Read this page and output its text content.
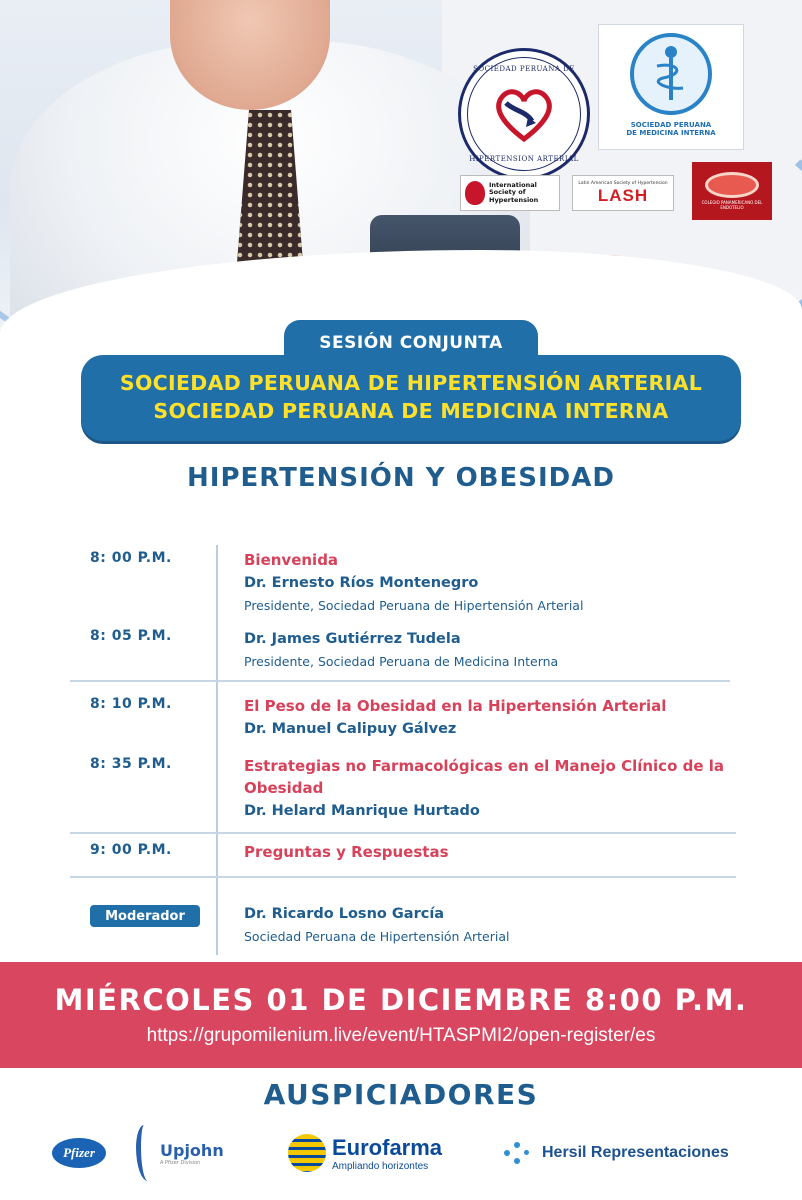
SOCIEDAD PERUANA DE
HIPERTENSION ARTERIAL
SOCIEDAD PERUANA
DE MEDICINA INTERNA
International
Society of
Hypertension
Latin American Society of Hypertension
LASH	COLEGIO PANAMERICANO DEL ENDOTELIO
SOCIEDAD PERUANA DE HIPERTENSIÓN ARTERIAL
SOCIEDAD PERUANA DE MEDICINA INTERNA
SESIÓN CONJUNTA
HIPERTENSIÓN Y OBESIDAD
8: 00 P.M.	Bienvenida
Dr. Ernesto Ríos Montenegro
Presidente, Sociedad Peruana de Hipertensión Arterial
8: 05 P.M.	Dr. James Gutiérrez Tudela
Presidente, Sociedad Peruana de Medicina Interna
8: 10 P.M.	El Peso de la Obesidad en la Hipertensión Arterial
Dr. Manuel Calipuy Gálvez
8: 35 P.M.	Estrategias no Farmacológicas en el Manejo Clínico de la Obesidad
Dr. Helard Manrique Hurtado
9: 00 P.M.	Preguntas y Respuestas
Moderador	Dr. Ricardo Losno García
Sociedad Peruana de Hipertensión Arterial
MIÉRCOLES 01 DE DICIEMBRE 8:00 P.M.
https://grupomilenium.live/event/HTASPMI2/open-register/es
AUSPICIADORES
Pfizer	Upjohn
A Pfizer Division
Eurofarma
Ampliando horizontes
Hersil Representaciones
